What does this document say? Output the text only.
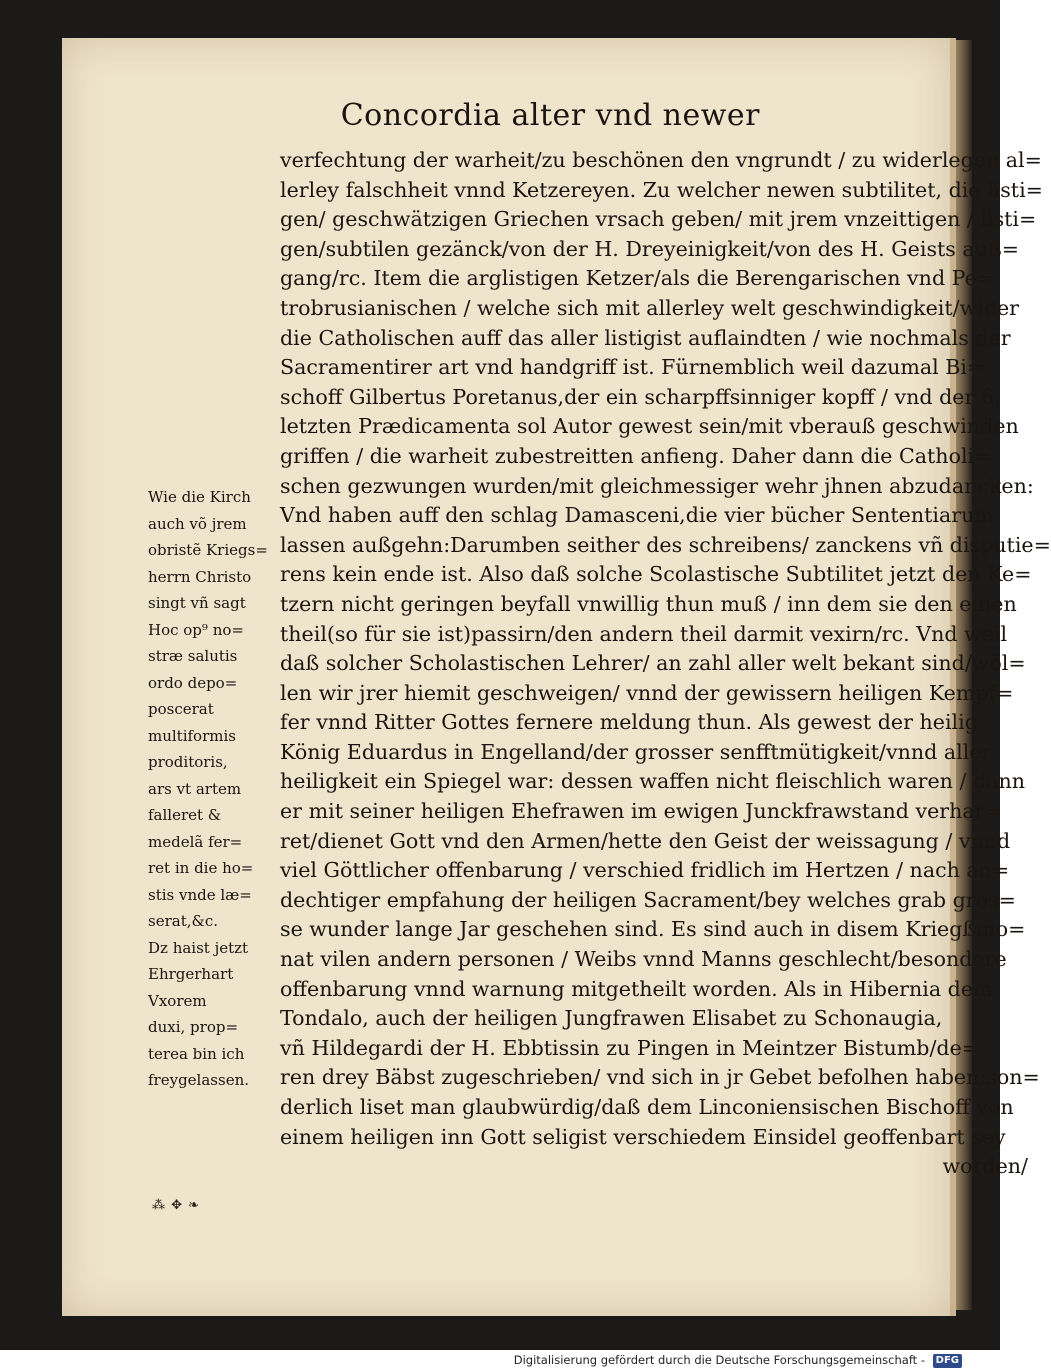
Concordia alter vnd newer
Wie die Kirch
auch võ jrem
obristẽ Kriegs=
herrn Christo
singt vñ sagt
Hoc op⁹ no=
stræ salutis
ordo depo=
poscerat
multiformis
proditoris,
ars vt artem
falleret &
medelã fer=
ret in die ho=
stis vnde læ=
serat,&c.
Dz haist jetzt
Ehrgerhart
Vxorem
duxi, prop=
terea bin ich
freygelassen.
verfechtung der warheit/zu beschönen den vngrundt / zu widerlegen al=
lerley falschheit vnnd Ketzereyen. Zu welcher newen subtilitet, die listi=
gen/ geschwätzigen Griechen vrsach geben/ mit jrem vnzeittigen / listi=
gen/subtilen gezänck/von der H. Dreyeinigkeit/von des H. Geists auß=
gang/rc. Item die arglistigen Ketzer/als die Berengarischen vnd Pe=
trobrusianischen / welche sich mit allerley welt geschwindigkeit/wider
die Catholischen auff das aller listigist auflaindten / wie nochmals der
Sacramentirer art vnd handgriff ist. Fürnemblich weil dazumal Bi=
schoff Gilbertus Poretanus,der ein scharpffsinniger kopff / vnd der 6.
letzten Prædicamenta sol Autor gewest sein/mit vberauß geschwinden
griffen / die warheit zubestreitten anfieng. Daher dann die Catholi=
schen gezwungen wurden/mit gleichmessiger wehr jhnen abzudancken:
Vnd haben auff den schlag Damasceni,die vier bücher Sententiarum
lassen außgehn:Darumben seither des schreibens/ zanckens vñ disputie=
rens kein ende ist. Also daß solche Scolastische Subtilitet jetzt den Ke=
tzern nicht geringen beyfall vnwillig thun muß / inn dem sie den einen
theil(so für sie ist)passirn/den andern theil darmit vexirn/rc. Vnd weil
daß solcher Scholastischen Lehrer/ an zahl aller welt bekant sind/wöl=
len wir jrer hiemit geschweigen/ vnnd der gewissern heiligen Kempf=
fer vnnd Ritter Gottes fernere meldung thun. Als gewest der heilig
König Eduardus in Engelland/der grosser senfftmütigkeit/vnnd aller
heiligkeit ein Spiegel war: dessen waffen nicht fleischlich waren / dann
er mit seiner heiligen Ehefrawen im ewigen Junckfrawstand verhar=
ret/dienet Gott vnd den Armen/hette den Geist der weissagung / vnnd
viel Göttlicher offenbarung / verschied fridlich im Hertzen / nach an=
dechtiger empfahung der heiligen Sacrament/bey welches grab gros=
se wunder lange Jar geschehen sind. Es sind auch in disem Kriegßmo=
nat vilen andern personen / Weibs vnnd Manns geschlecht/besondere
offenbarung vnnd warnung mitgetheilt worden. Als in Hibernia dem
Tondalo, auch der heiligen Jungfrawen Elisabet zu Schonaugia,
vñ Hildegardi der H. Ebbtissin zu Pingen in Meintzer Bistumb/de=
ren drey Bäbst zugeschrieben/ vnd sich in jr Gebet befolhen haben:son=
derlich liset man glaubwürdig/daß dem Linconiensischen Bischoff von
einem heiligen inn Gott seligist verschiedem Einsidel geoffenbart sey
worden/
⁂ ✥ ❧
Digitalisierung gefördert durch die Deutsche Forschungsgemeinschaft - DFG
